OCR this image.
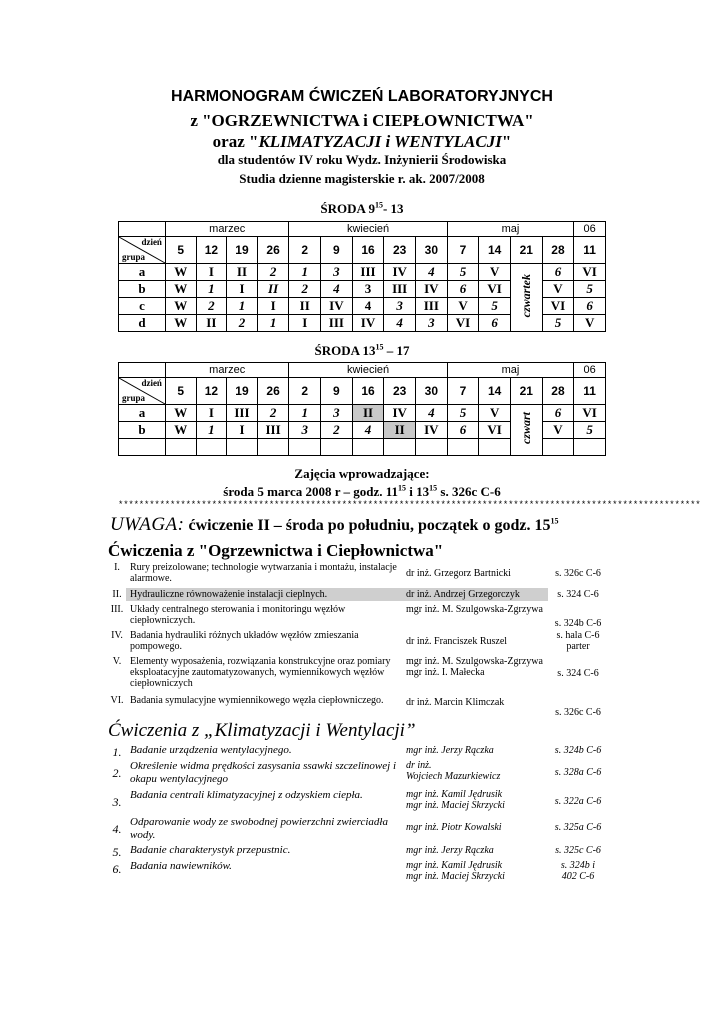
HARMONOGRAM ĆWICZEŃ LABORATORYJNYCH
z "OGRZEWNICTWA i CIEPŁOWNICTWA"
oraz "KLIMATYZACJI i WENTYLACJI"
dla studentów IV roku Wydz. Inżynierii Środowiska
Studia dzienne magisterskie r. ak. 2007/2008
ŚRODA $9^{15}-$ 13
	marzec				kwiecień					maj				06

dzień
grupa	5	12	19	26	2	9	16	23	30	7	14	21	28	11
a	W	I	II	2	1	3	III	IV	4	5	V	czwartek	6	VI
b	W	1	I	II	2	4	3	III	IV	6	VI		V	5
c	W	2	1	I	II	IV	4	3	III	V	5		VI	6
d	W	II	2	1	I	III	IV	4	3	VI	6		5	V
ŚRODA $13^{15} - 17$
	marzec				kwiecień					maj				06

dzień
grupa	5	12	19	26	2	9	16	23	30	7	14	21	28	11
a	W	I	III	2	1	3	II	IV	4	5	V	czwart	6	VI
b	W	1	I	III	3	2	4	II	IV	6	VI		V	5

Zajęcia wprowadzające:
środa 5 marca 2008 r – godz. $11^{15}$ i $13^{15}$ s. 326c C-6
****************************************************************************************************************
UWAGA: ćwiczenie II – środa po południu, początek o godz. $15^{15}$
Ćwiczenia z "Ogrzewnictwa i Ciepłownictwa"
I.	Rury preizolowane; technologie wytwarzania i montażu, instalacje alarmowe.	dr inż. Grzegorz Bartnicki	s. 326c C-6
II. Hydrauliczne równoważenie instalacji cieplnych.	dr inż. Andrzej Grzegorczyk	s. 324 C-6
III. Układy centralnego sterowania i monitoringu węzłów ciepłowniczych.
mgr inż. M. Szulgowska-Zgrzywa
s. 324b C-6
IV. Badania hydrauliki różnych układów węzłów zmieszania pompowego.	dr inż. Franciszek Ruszel
s. hala C-6 parter
V. Elementy wyposażenia, rozwiązania konstrukcyjne oraz pomiary eksploatacyjne zautomatyzowanych, wymiennikowych węzłów ciepłowniczych
mgr inż. M. Szulgowska-Zgrzywa
mgr inż. I. Małecka	s. 324 C-6
VI. Badania symulacyjne wymiennikowego węzła ciepłowniczego.	dr inż. Marcin Klimczak
s. 326c C-6
Ćwiczenia z „Klimatyzacji i Wentylacji”
1. Badanie urządzenia wentylacyjnego.	mgr inż. Jerzy Rączka	s. 324b C-6
2. Określenie widma prędkości zasysania ssawki szczelinowej i okapu wentylacyjnego
dr inż.
Wojciech Mazurkiewicz	s. 328a C-6
3. Badania centrali klimatyzacyjnej z odzyskiem ciepła.	mgr inż. Kamil Jędrusik
mgr inż. Maciej Skrzycki	s. 322a C-6
4. Odparowanie wody ze swobodnej powierzchni zwierciadła wody.
mgr inż. Piotr Kowalski	s. 325a C-6
5. Badanie charakterystyk przepustnic.	mgr inż. Jerzy Rączka	s. 325c C-6
6. Badania nawiewników.	mgr inż. Kamil Jędrusik
mgr inż. Maciej Skrzycki
s. 324b i
402 C-6
